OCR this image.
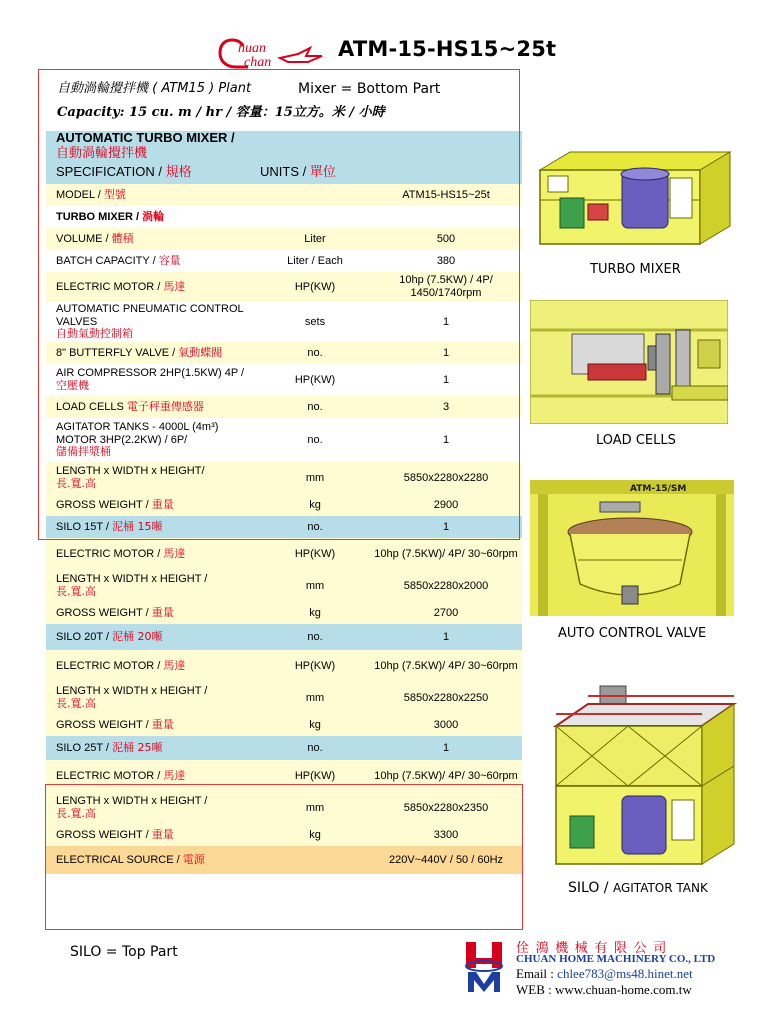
huan
chan
ATM-15-HS15~25t
自動渦輪攪拌機 ( ATM15 ) Plant	Mixer = Bottom Part
Capacity: 15 cu. m / hr / 容量：15立方。米 / 小時
AUTOMATIC TURBO MIXER / 自動渦輪攪拌機		
SPECIFICATION / 規格	UNITS / 單位	
MODEL / 型號		ATM15-HS15~25t
TURBO MIXER / 渦輪		
VOLUME / 體積	Liter	500
BATCH CAPACITY / 容量	Liter / Each	380
ELECTRIC MOTOR / 馬達	HP(KW)	10hp (7.5KW) / 4P/ 1450/1740rpm
AUTOMATIC PNEUMATIC CONTROL VALVES
自動氣動控制箱	sets	1
8" BUTTERFLY VALVE / 氣動蝶閥	no.	1
AIR COMPRESSOR 2HP(1.5KW) 4P / 空壓機	HP(KW)	1
LOAD CELLS 電子秤重傳感器	no.	3
AGITATOR TANKS - 4000L (4m³) MOTOR 3HP(2.2KW) / 6P/
儲備拌漿桶	no.	1
LENGTH x WIDTH x HEIGHT/
長.寬.高	mm	5850x2280x2280
GROSS WEIGHT / 重量	kg	2900
SILO 15T / 泥桶 15噸	no.	1
ELECTRIC MOTOR / 馬達	HP(KW)	10hp (7.5KW)/ 4P/ 30~60rpm
LENGTH x WIDTH x HEIGHT /
長.寬.高	mm	5850x2280x2000
GROSS WEIGHT / 重量	kg	2700
SILO 20T / 泥桶 20噸	no.	1
ELECTRIC MOTOR / 馬達	HP(KW)	10hp (7.5KW)/ 4P/ 30~60rpm
LENGTH x WIDTH x HEIGHT /
長.寬.高	mm	5850x2280x2250
GROSS WEIGHT / 重量	kg	3000
SILO 25T / 泥桶 25噸	no.	1
ELECTRIC MOTOR / 馬達	HP(KW)	10hp (7.5KW)/ 4P/ 30~60rpm
LENGTH x WIDTH x HEIGHT /
長.寬.高	mm	5850x2280x2350
GROSS WEIGHT / 重量	kg	3300
ELECTRICAL SOURCE / 電源		220V~440V / 50 / 60Hz
SILO = Top Part
TURBO MIXER
LOAD CELLS
ATM-15/SM
AUTO CONTROL VALVE
SILO / AGITATOR TANK
佺鴻機械有限公司
CHUAN HOME MACHINERY CO., LTD
Email : chlee783@ms48.hinet.net
WEB : www.chuan-home.com.tw
